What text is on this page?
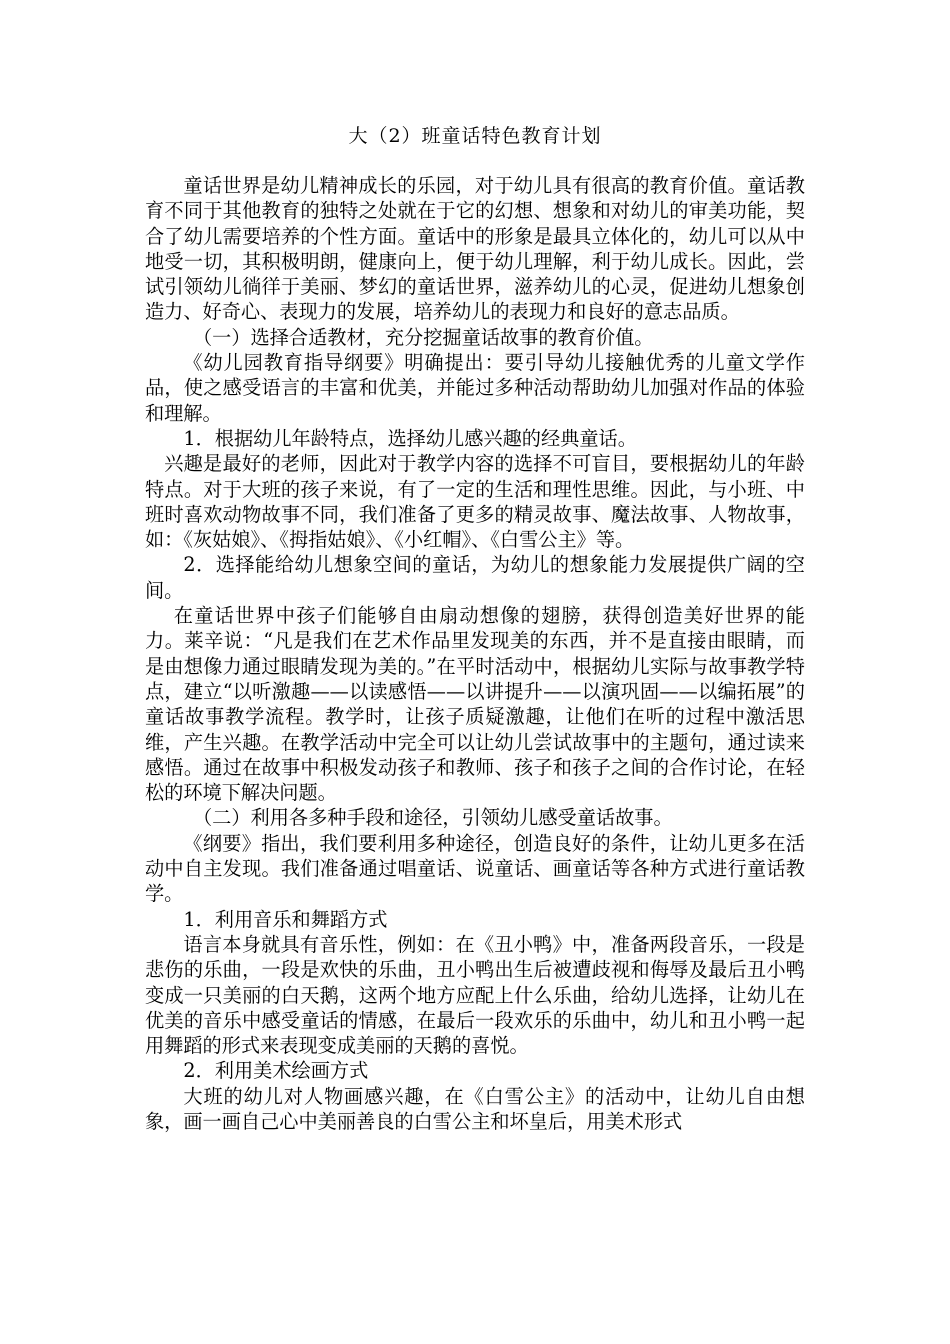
大（2）班童话特色教育计划

童话世界是幼儿精神成长的乐园，对于幼儿具有很高的教育价值。童话教育不同于其他教育的独特之处就在于它的幻想、想象和对幼儿的审美功能，契合了幼儿需要培养的个性方面。童话中的形象是最具立体化的，幼儿可以从中地受一切，其积极明朗，健康向上，便于幼儿理解，利于幼儿成长。因此，尝试引领幼儿徜徉于美丽、梦幻的童话世界，滋养幼儿的心灵，促进幼儿想象创造力、好奇心、表现力的发展，培养幼儿的表现力和良好的意志品质。

（一）选择合适教材，充分挖掘童话故事的教育价值。

《幼儿园教育指导纲要》明确提出：要引导幼儿接触优秀的儿童文学作品，使之感受语言的丰富和优美，并能过多种活动帮助幼儿加强对作品的体验和理解。

1．根据幼儿年龄特点，选择幼儿感兴趣的经典童话。

兴趣是最好的老师，因此对于教学内容的选择不可盲目，要根据幼儿的年龄特点。对于大班的孩子来说，有了一定的生活和理性思维。因此，与小班、中班时喜欢动物故事不同，我们准备了更多的精灵故事、魔法故事、人物故事，如：《灰姑娘》、《拇指姑娘》、《小红帽》、《白雪公主》等。

2．选择能给幼儿想象空间的童话，为幼儿的想象能力发展提供广阔的空间。

在童话世界中孩子们能够自由扇动想像的翅膀，获得创造美好世界的能力。莱辛说：“凡是我们在艺术作品里发现美的东西，并不是直接由眼睛，而是由想像力通过眼睛发现为美的。”在平时活动中，根据幼儿实际与故事教学特点，建立“以听激趣——以读感悟——以讲提升——以演巩固——以编拓展”的童话故事教学流程。教学时，让孩子质疑激趣，让他们在听的过程中激活思维，产生兴趣。在教学活动中完全可以让幼儿尝试故事中的主题句，通过读来感悟。通过在故事中积极发动孩子和教师、孩子和孩子之间的合作讨论，在轻松的环境下解决问题。

（二）利用各多种手段和途径，引领幼儿感受童话故事。

《纲要》指出，我们要利用多种途径，创造良好的条件，让幼儿更多在活动中自主发现。我们准备通过唱童话、说童话、画童话等各种方式进行童话教学。

1．利用音乐和舞蹈方式

语言本身就具有音乐性，例如：在《丑小鸭》中，准备两段音乐，一段是悲伤的乐曲，一段是欢快的乐曲，丑小鸭出生后被遭歧视和侮辱及最后丑小鸭变成一只美丽的白天鹅，这两个地方应配上什么乐曲，给幼儿选择，让幼儿在优美的音乐中感受童话的情感，在最后一段欢乐的乐曲中，幼儿和丑小鸭一起用舞蹈的形式来表现变成美丽的天鹅的喜悦。

2．利用美术绘画方式

大班的幼儿对人物画感兴趣，在《白雪公主》的活动中，让幼儿自由想象，画一画自己心中美丽善良的白雪公主和坏皇后，用美术形式
